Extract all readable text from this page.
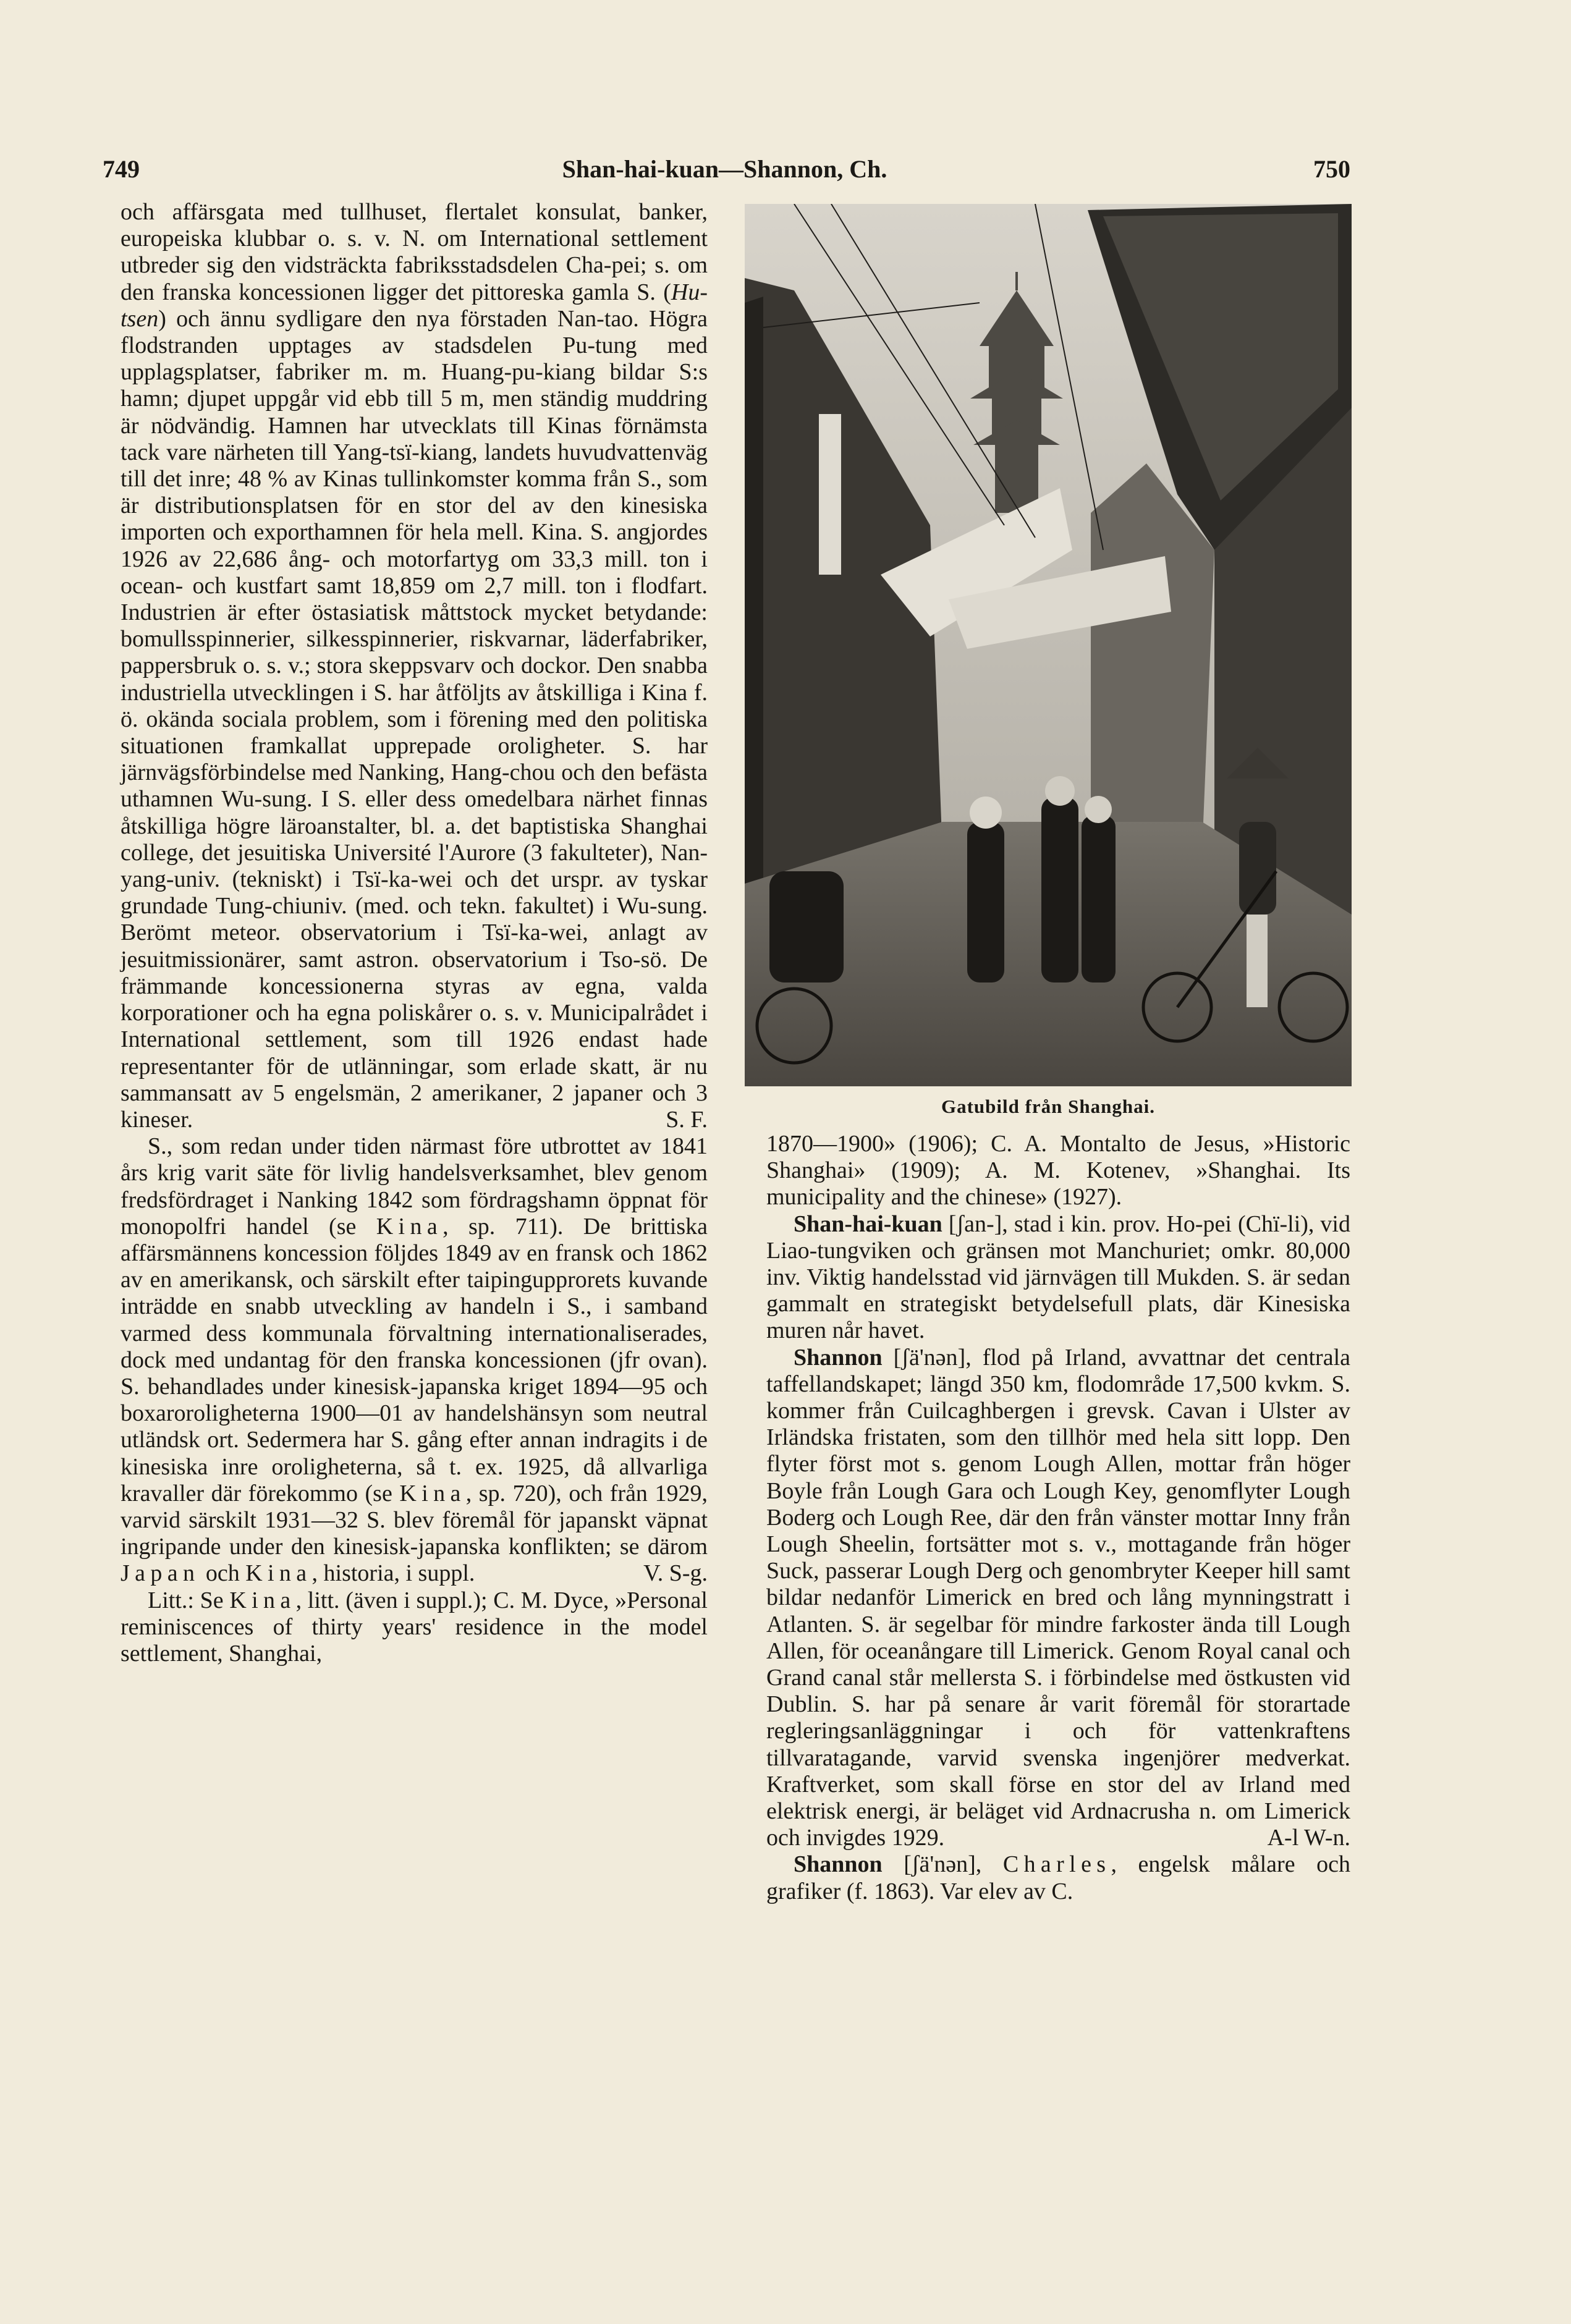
749	Shan-hai-kuan—Shannon, Ch.	750

och affärsgata med tullhuset, flertalet konsulat, banker, europeiska klubbar o. s. v. N. om International settlement utbreder sig den vidsträckta fabriksstadsdelen Cha-pei; s. om den franska koncessionen ligger det pittoreska gamla S. (Hu-tsen) och ännu sydligare den nya förstaden Nan-tao. Högra flodstranden upptages av stadsdelen Pu-tung med upplagsplatser, fabriker m. m. Huang-pu-kiang bildar S:s hamn; djupet uppgår vid ebb till 5 m, men ständig muddring är nödvändig. Hamnen har utvecklats till Kinas förnämsta tack vare närheten till Yang-tsï-kiang, landets huvudvattenväg till det inre; 48 % av Kinas tullinkomster komma från S., som är distributionsplatsen för en stor del av den kinesiska importen och exporthamnen för hela mell. Kina. S. angjordes 1926 av 22,686 ång- och motorfartyg om 33,3 mill. ton i ocean- och kustfart samt 18,859 om 2,7 mill. ton i flodfart. Industrien är efter östasiatisk måttstock mycket betydande: bomullsspinnerier, silkesspinnerier, riskvarnar, läderfabriker, pappersbruk o. s. v.; stora skeppsvarv och dockor. Den snabba industriella utvecklingen i S. har åtföljts av åtskilliga i Kina f. ö. okända sociala problem, som i förening med den politiska situationen framkallat upprepade oroligheter. S. har järnvägsförbindelse med Nanking, Hang-chou och den befästa uthamnen Wu-sung. I S. eller dess omedelbara närhet finnas åtskilliga högre läroanstalter, bl. a. det baptistiska Shanghai college, det jesuitiska Université l'Aurore (3 fakulteter), Nan-yang-univ. (tekniskt) i Tsï-ka-wei och det urspr. av tyskar grundade Tung-chiuniv. (med. och tekn. fakultet) i Wu-sung. Berömt meteor. observatorium i Tsï-ka-wei, anlagt av jesuitmissionärer, samt astron. observatorium i Tso-sö. De främmande koncessionerna styras av egna, valda korporationer och ha egna poliskårer o. s. v. Municipalrådet i International settlement, som till 1926 endast hade representanter för de utlänningar, som erlade skatt, är nu sammansatt av 5 engelsmän, 2 amerikaner, 2 japaner och 3 kineser.	S. F.

S., som redan under tiden närmast före utbrottet av 1841 års krig varit säte för livlig handelsverksamhet, blev genom fredsfördraget i Nanking 1842 som fördragshamn öppnat för monopolfri handel (se Kina, sp. 711). De brittiska affärsmännens koncession följdes 1849 av en fransk och 1862 av en amerikansk, och särskilt efter taipingupprorets kuvande inträdde en snabb utveckling av handeln i S., i samband varmed dess kommunala förvaltning internationaliserades, dock med undantag för den franska koncessionen (jfr ovan). S. behandlades under kinesisk-japanska kriget 1894—95 och boxaroroligheterna 1900—01 av handelshänsyn som neutral utländsk ort. Sedermera har S. gång efter annan indragits i de kinesiska inre oroligheterna, så t. ex. 1925, då allvarliga kravaller där förekommo (se Kina, sp. 720), och från 1929, varvid särskilt 1931—32 S. blev föremål för japanskt väpnat ingripande under den kinesisk-japanska konflikten; se därom Japan och Kina, historia, i suppl.	V. S-g.

Litt.: Se Kina, litt. (även i suppl.); C. M. Dyce, »Personal reminiscences of thirty years' residence in the model settlement, Shanghai,

Gatubild från Shanghai.

1870—1900» (1906); C. A. Montalto de Jesus, »Historic Shanghai» (1909); A. M. Kotenev, »Shanghai. Its municipality and the chinese» (1927).

Shan-hai-kuan [ʃan-], stad i kin. prov. Ho-pei (Chï-li), vid Liao-tungviken och gränsen mot Manchuriet; omkr. 80,000 inv. Viktig handelsstad vid järnvägen till Mukden. S. är sedan gammalt en strategiskt betydelsefull plats, där Kinesiska muren når havet.

Shannon [ʃä'nən], flod på Irland, avvattnar det centrala taffellandskapet; längd 350 km, flodområde 17,500 kvkm. S. kommer från Cuilcaghbergen i grevsk. Cavan i Ulster av Irländska fristaten, som den tillhör med hela sitt lopp. Den flyter först mot s. genom Lough Allen, mottar från höger Boyle från Lough Gara och Lough Key, genomflyter Lough Boderg och Lough Ree, där den från vänster mottar Inny från Lough Sheelin, fortsätter mot s. v., mottagande från höger Suck, passerar Lough Derg och genombryter Keeper hill samt bildar nedanför Limerick en bred och lång mynningstratt i Atlanten. S. är segelbar för mindre farkoster ända till Lough Allen, för oceanångare till Limerick. Genom Royal canal och Grand canal står mellersta S. i förbindelse med östkusten vid Dublin. S. har på senare år varit föremål för storartade regleringsanläggningar i och för vattenkraftens tillvaratagande, varvid svenska ingenjörer medverkat. Kraftverket, som skall förse en stor del av Irland med elektrisk energi, är beläget vid Ardnacrusha n. om Limerick och invigdes 1929.	A-l W-n.

Shannon [ʃä'nən], Charles, engelsk målare och grafiker (f. 1863). Var elev av C.
